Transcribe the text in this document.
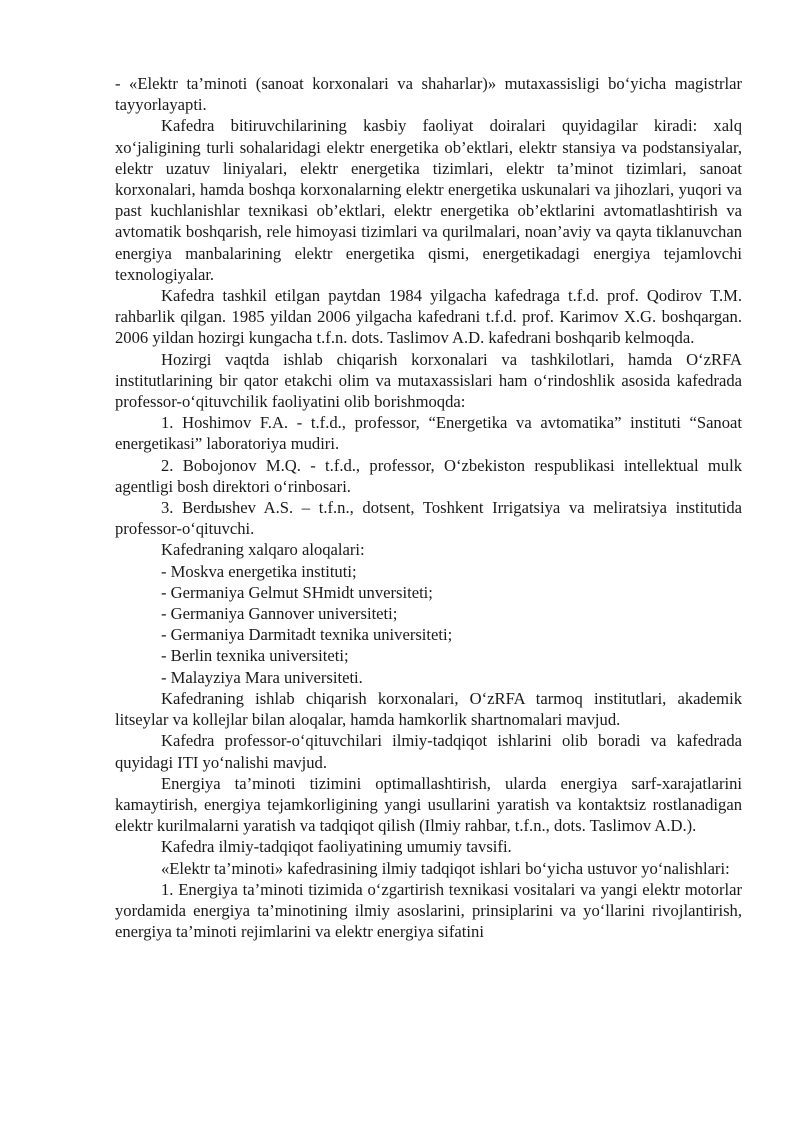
- «Elektr ta’minoti (sanoat korxonalari va shaharlar)» mutaxassisligi bo‘yicha magistrlar tayyorlayapti.

Kafedra bitiruvchilarining kasbiy faoliyat doiralari quyidagilar kiradi: xalq xo‘jaligining turli sohalaridagi elektr energetika ob’ektlari, elektr stansiya va podstansiyalar, elektr uzatuv liniyalari, elektr energetika tizimlari, elektr ta’minot tizimlari, sanoat korxonalari, hamda boshqa korxonalarning elektr energetika uskunalari va jihozlari, yuqori va past kuchlanishlar texnikasi ob’ektlari, elektr energetika ob’ektlarini avtomatlashtirish va avtomatik boshqarish, rele himoyasi tizimlari va qurilmalari, noan’aviy va qayta tiklanuvchan energiya manbalarining elektr energetika qismi, energetikadagi energiya tejamlovchi texnologiyalar.

Kafedra tashkil etilgan paytdan 1984 yilgacha kafedraga t.f.d. prof. Qodirov T.M. rahbarlik qilgan. 1985 yildan 2006 yilgacha kafedrani t.f.d. prof. Karimov X.G. boshqargan. 2006 yildan hozirgi kungacha t.f.n. dots. Taslimov A.D. kafedrani boshqarib kelmoqda.

Hozirgi vaqtda ishlab chiqarish korxonalari va tashkilotlari, hamda O‘zRFA institutlarining bir qator etakchi olim va mutaxassislari ham o‘rindoshlik asosida kafedrada professor-o‘qituvchilik faoliyatini olib borishmoqda:

1. Hoshimov F.A. - t.f.d., professor, “Energetika va avtomatika” instituti “Sanoat energetikasi” laboratoriya mudiri.

2. Bobojonov M.Q. - t.f.d., professor, O‘zbekiston respublikasi intellektual mulk agentligi bosh direktori o‘rinbosari.

3. Berdыshev A.S. – t.f.n., dotsent, Toshkent Irrigatsiya va meliratsiya institutida professor-o‘qituvchi.

Kafedraning xalqaro aloqalari:

- Moskva energetika instituti;

- Germaniya Gelmut SHmidt unversiteti;

- Germaniya Gannover universiteti;

- Germaniya Darmitadt texnika universiteti;

- Berlin texnika universiteti;

- Malayziya Mara universiteti.

Kafedraning ishlab chiqarish korxonalari, O‘zRFA tarmoq institutlari, akademik litseylar va kollejlar bilan aloqalar, hamda hamkorlik shartnomalari mavjud.

Kafedra professor-o‘qituvchilari ilmiy-tadqiqot ishlarini olib boradi va kafedrada quyidagi ITI yo‘nalishi mavjud.

Energiya ta’minoti tizimini optimallashtirish, ularda energiya sarf-xarajatlarini kamaytirish, energiya tejamkorligining yangi usullarini yaratish va kontaktsiz rostlanadigan elektr kurilmalarni yaratish va tadqiqot qilish (Ilmiy rahbar, t.f.n., dots. Taslimov A.D.).

Kafedra ilmiy-tadqiqot faoliyatining umumiy tavsifi.

«Elektr ta’minoti» kafedrasining ilmiy tadqiqot ishlari bo‘yicha ustuvor yo‘nalishlari:

1. Energiya ta’minoti tizimida o‘zgartirish texnikasi vositalari va yangi elektr motorlar yordamida energiya ta’minotining ilmiy asoslarini, prinsiplarini va yo‘llarini rivojlantirish, energiya ta’minoti rejimlarini va elektr energiya sifatini
